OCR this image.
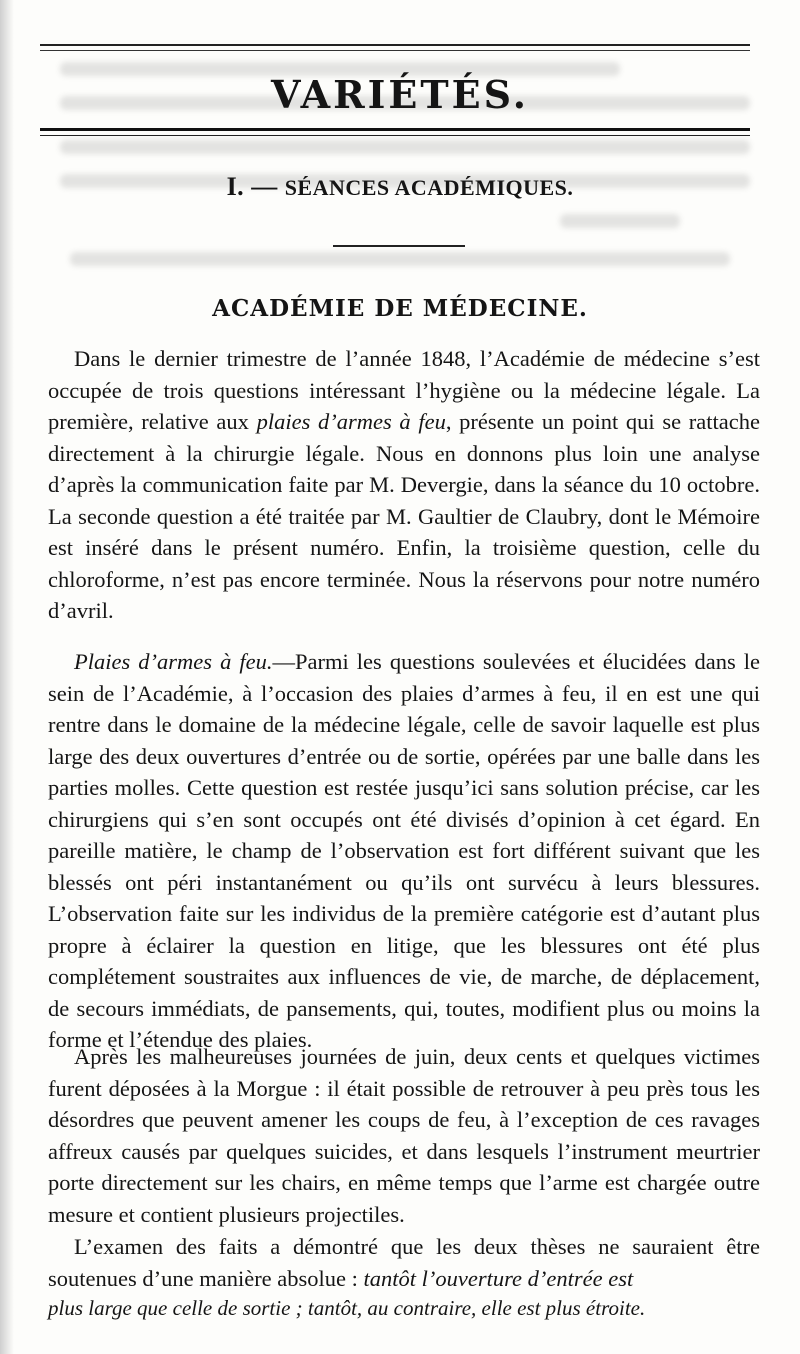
VARIÉTÉS.
I. — SÉANCES ACADÉMIQUES.
ACADÉMIE DE MÉDECINE.

Dans le dernier trimestre de l’année 1848, l’Académie de médecine s’est occupée de trois questions intéressant l’hygiène ou la médecine légale. La première, relative aux plaies d’armes à feu, présente un point qui se rattache directement à la chirurgie légale. Nous en donnons plus loin une analyse d’après la communication faite par M. Devergie, dans la séance du 10 octobre. La seconde question a été traitée par M. Gaultier de Claubry, dont le Mémoire est inséré dans le présent numéro. Enfin, la troisième question, celle du chloroforme, n’est pas encore terminée. Nous la réservons pour notre numéro d’avril.

Plaies d’armes à feu.—Parmi les questions soulevées et élucidées dans le sein de l’Académie, à l’occasion des plaies d’armes à feu, il en est une qui rentre dans le domaine de la médecine légale, celle de savoir laquelle est plus large des deux ouvertures d’entrée ou de sortie, opérées par une balle dans les parties molles. Cette question est restée jusqu’ici sans solution précise, car les chirurgiens qui s’en sont occupés ont été divisés d’opinion à cet égard. En pareille matière, le champ de l’observation est fort différent suivant que les blessés ont péri instantanément ou qu’ils ont survécu à leurs blessures. L’observation faite sur les individus de la première catégorie est d’autant plus propre à éclairer la question en litige, que les blessures ont été plus complétement soustraites aux influences de vie, de marche, de déplacement, de secours immédiats, de pansements, qui, toutes, modifient plus ou moins la forme et l’étendue des plaies.

Après les malheureuses journées de juin, deux cents et quelques victimes furent déposées à la Morgue : il était possible de retrouver à peu près tous les désordres que peuvent amener les coups de feu, à l’exception de ces ravages affreux causés par quelques suicides, et dans lesquels l’instrument meurtrier porte directement sur les chairs, en même temps que l’arme est chargée outre mesure et contient plusieurs projectiles.

L’examen des faits a démontré que les deux thèses ne sauraient être soutenues d’une manière absolue : tantôt l’ouverture d’entrée est

plus large que celle de sortie ; tantôt, au contraire, elle est plus étroite.
